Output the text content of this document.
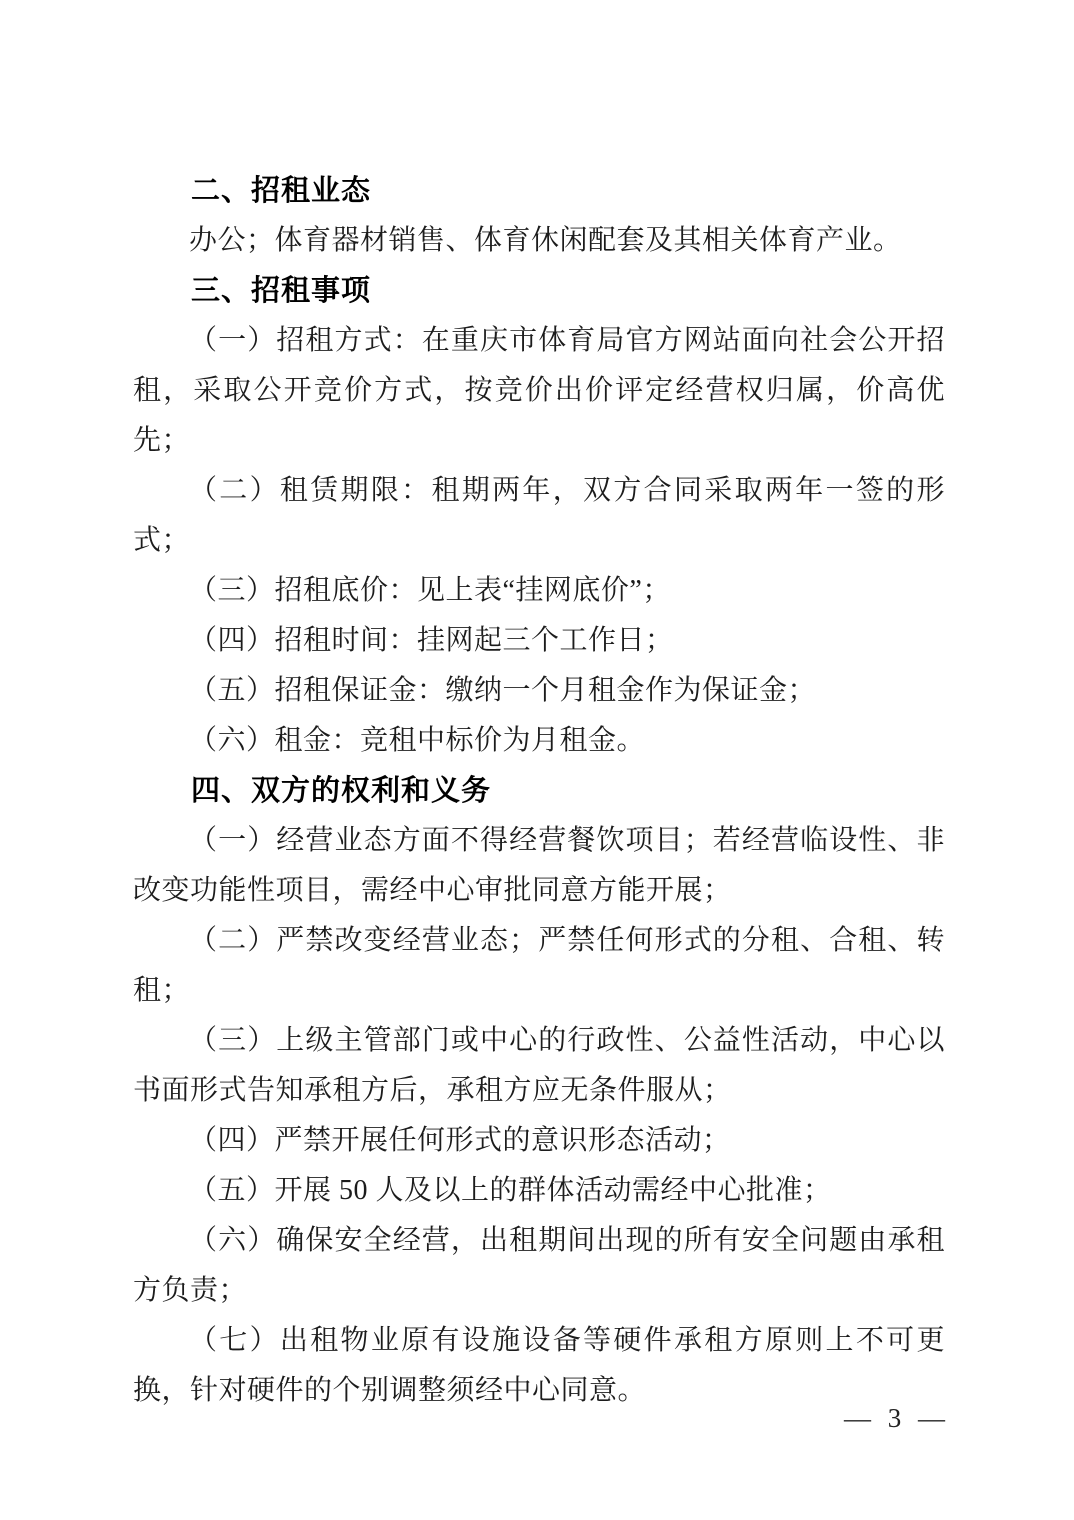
二、招租业态

办公；体育器材销售、体育休闲配套及其相关体育产业。

三、招租事项

（一）招租方式：在重庆市体育局官方网站面向社会公开招租，采取公开竞价方式，按竞价出价评定经营权归属，价高优先；

（二）租赁期限：租期两年，双方合同采取两年一签的形式；

（三）招租底价：见上表“挂网底价”；

（四）招租时间：挂网起三个工作日；

（五）招租保证金：缴纳一个月租金作为保证金；

（六）租金：竞租中标价为月租金。

四、双方的权利和义务

（一）经营业态方面不得经营餐饮项目；若经营临设性、非改变功能性项目，需经中心审批同意方能开展；

（二）严禁改变经营业态；严禁任何形式的分租、合租、转租；

（三）上级主管部门或中心的行政性、公益性活动，中心以书面形式告知承租方后，承租方应无条件服从；

（四）严禁开展任何形式的意识形态活动；

（五）开展 50 人及以上的群体活动需经中心批准；

（六）确保安全经营，出租期间出现的所有安全问题由承租方负责；

（七）出租物业原有设施设备等硬件承租方原则上不可更换，针对硬件的个别调整须经中心同意。

— 3 —
